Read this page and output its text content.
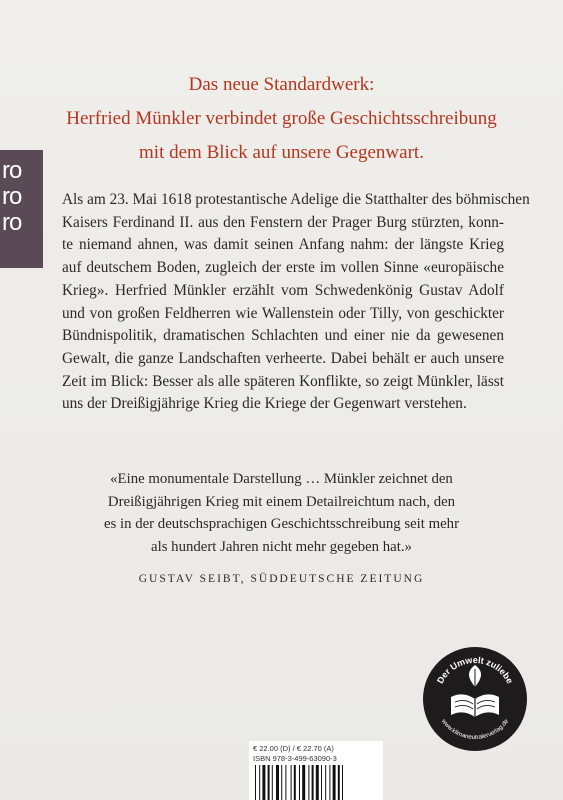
Das neue Standardwerk:
Herfried Münkler verbindet große Geschichtsschreibung
mit dem Blick auf unsere Gegenwart.
ro
ro
ro
Als am 23. Mai 1618 protestantische Adelige die Statthalter des böhmischen
Kaisers Ferdinand II. aus den Fenstern der Prager Burg stürzten, konn-
te niemand ahnen, was damit seinen Anfang nahm: der längste Krieg
auf deutschem Boden, zugleich der erste im vollen Sinne «europäische
Krieg». Herfried Münkler erzählt vom Schwedenkönig Gustav Adolf
und von großen Feldherren wie Wallenstein oder Tilly, von geschickter
Bündnispolitik, dramatischen Schlachten und einer nie da gewesenen
Gewalt, die ganze Landschaften verheerte. Dabei behält er auch unsere
Zeit im Blick: Besser als alle späteren Konflikte, so zeigt Münkler, lässt
uns der Dreißigjährige Krieg die Kriege der Gegenwart verstehen.
«Eine monumentale Darstellung … Münkler zeichnet den
Dreißigjährigen Krieg mit einem Detailreichtum nach, den
es in der deutschsprachigen Geschichtsschreibung seit mehr
als hundert Jahren nicht mehr gegeben hat.»
GUSTAV SEIBT, SÜDDEUTSCHE ZEITUNG
Der Umwelt zuliebe
www.klimaneutralerverlag.de
€ 22.00 (D) / € 22.70 (A)
ISBN 978-3-499-63090-3
